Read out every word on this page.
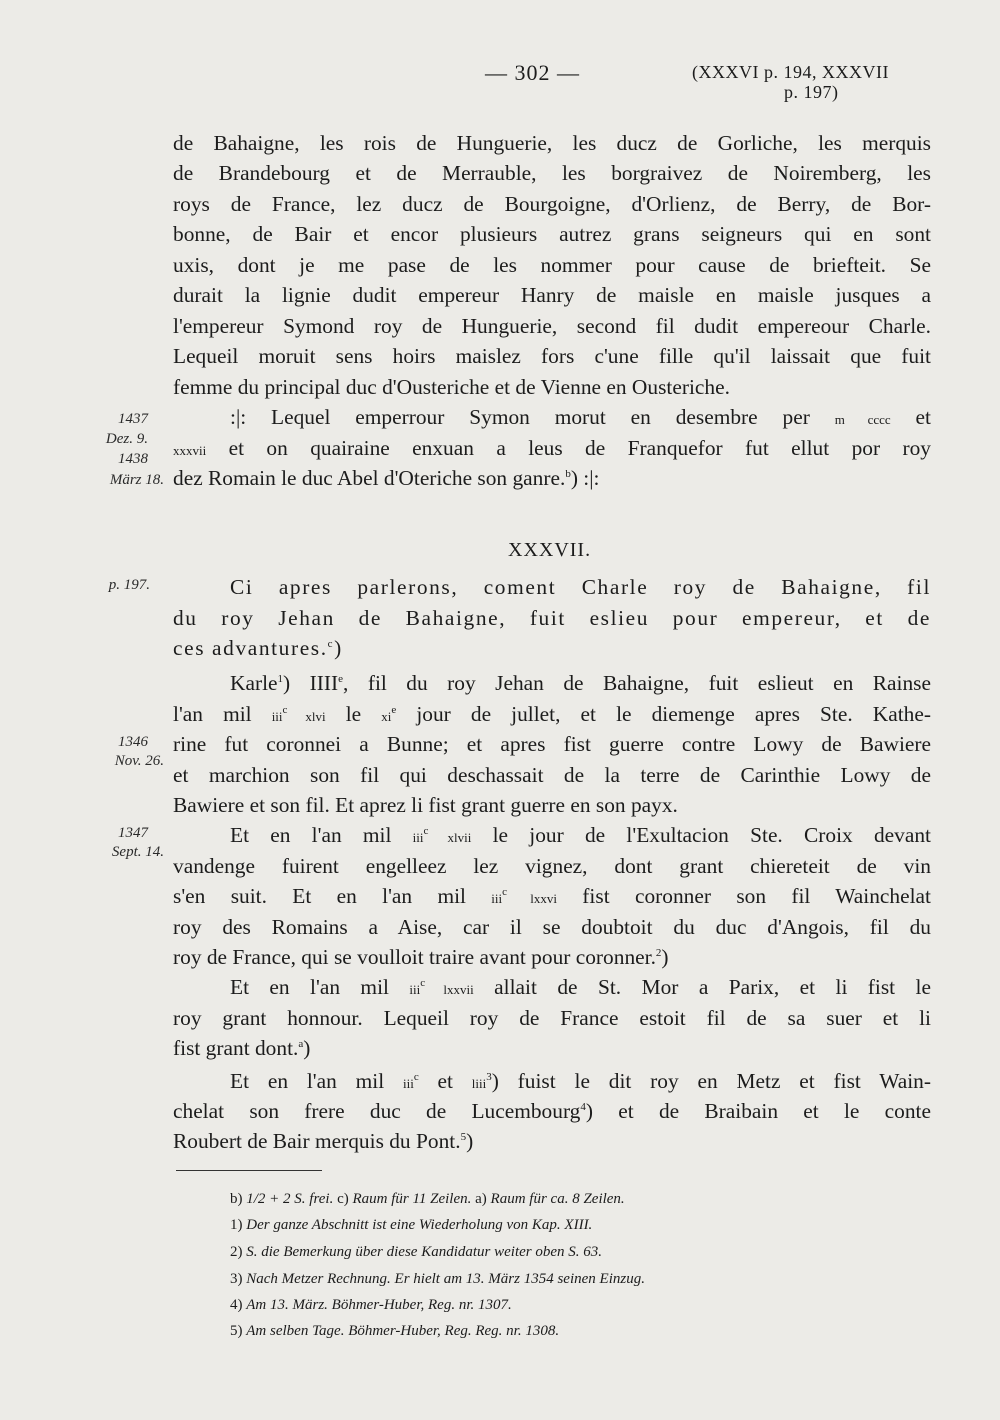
— 302 —	(XXXVI p. 194, XXXVII
p. 197)
de Bahaigne, les rois de Hunguerie, les ducz de Gorliche, les merquis
de Brandebourg et de Merrauble, les borgraivez de Noiremberg, les
roys de France, lez ducz de Bourgoigne, d'Orlienz, de Berry, de Bor-
bonne, de Bair et encor plusieurs autrez grans seigneurs qui en sont
uxis, dont je me pase de les nommer pour cause de briefteit. Se
durait la lignie dudit empereur Hanry de maisle en maisle jusques a
l'empereur Symond roy de Hunguerie, second fil dudit empereour Charle.
Lequeil moruit sens hoirs maislez fors c'une fille qu'il laissait que fuit
femme du principal duc d'Ousteriche et de Vienne en Ousteriche.
:|: Lequel emperrour Symon morut en desembre per m cccc et
xxxvii et on quairaine enxuan a leus de Franquefor fut ellut por roy
dez Romain le duc Abel d'Oteriche son ganre.$^b$) :|:
1437
Dez. 9.
1438
März 18.
p. 197.
1346
Nov. 26.
1347
Sept. 14.
XXXVII.
Ci apres parlerons, coment Charle roy de Bahaigne, fil
du roy Jehan de Bahaigne, fuit eslieu pour empereur, et de
ces advantures.$^c$)
Karle$^1$) IIIIe, fil du roy Jehan de Bahaigne, fuit eslieut en Rainse
l'an mil iii$^c$ xlvi le $xi^e$ jour de jullet, et le diemenge apres Ste. Kathe-
rine fut coronnei a Bunne; et apres fist guerre contre Lowy de Bawiere
et marchion son fil qui deschassait de la terre de Carinthie Lowy de
Bawiere et son fil. Et aprez li fist grant guerre en son payx.
Et en l'an mil iii$^c$ xlvii le jour de l'Exultacion Ste. Croix devant
vandenge fuirent engelleez lez vignez, dont grant chiereteit de vin
s'en suit. Et en l'an mil iii$^c$ lxxvi fist coronner son fil Wainchelat
roy des Romains a Aise, car il se doubtoit du duc d'Angois, fil du
roy de France, qui se voulloit traire avant pour coronner.$^2$)
Et en l'an mil iii$^c$ lxxvii allait de St. Mor a Parix, et li fist le
roy grant honnour. Lequeil roy de France estoit fil de sa suer et li
fist grant dont.$^a$)
Et en l'an mil iii$^c$ et liii$^3$) fuist le dit roy en Metz et fist Wain-
chelat son frere duc de Lucembourg$^4$) et de Braibain et le conte
Roubert de Bair merquis du Pont.$^5$)
b) 1/2 + 2 S. frei. c) Raum für 11 Zeilen. a) Raum für ca. 8 Zeilen.
1) Der ganze Abschnitt ist eine Wiederholung von Kap. XIII.
2) S. die Bemerkung über diese Kandidatur weiter oben S. 63.
3) Nach Metzer Rechnung. Er hielt am 13. März 1354 seinen Einzug.
4) Am 13. März. Böhmer-Huber, Reg. nr. 1307.
5) Am selben Tage. Böhmer-Huber, Reg. Reg. nr. 1308.
